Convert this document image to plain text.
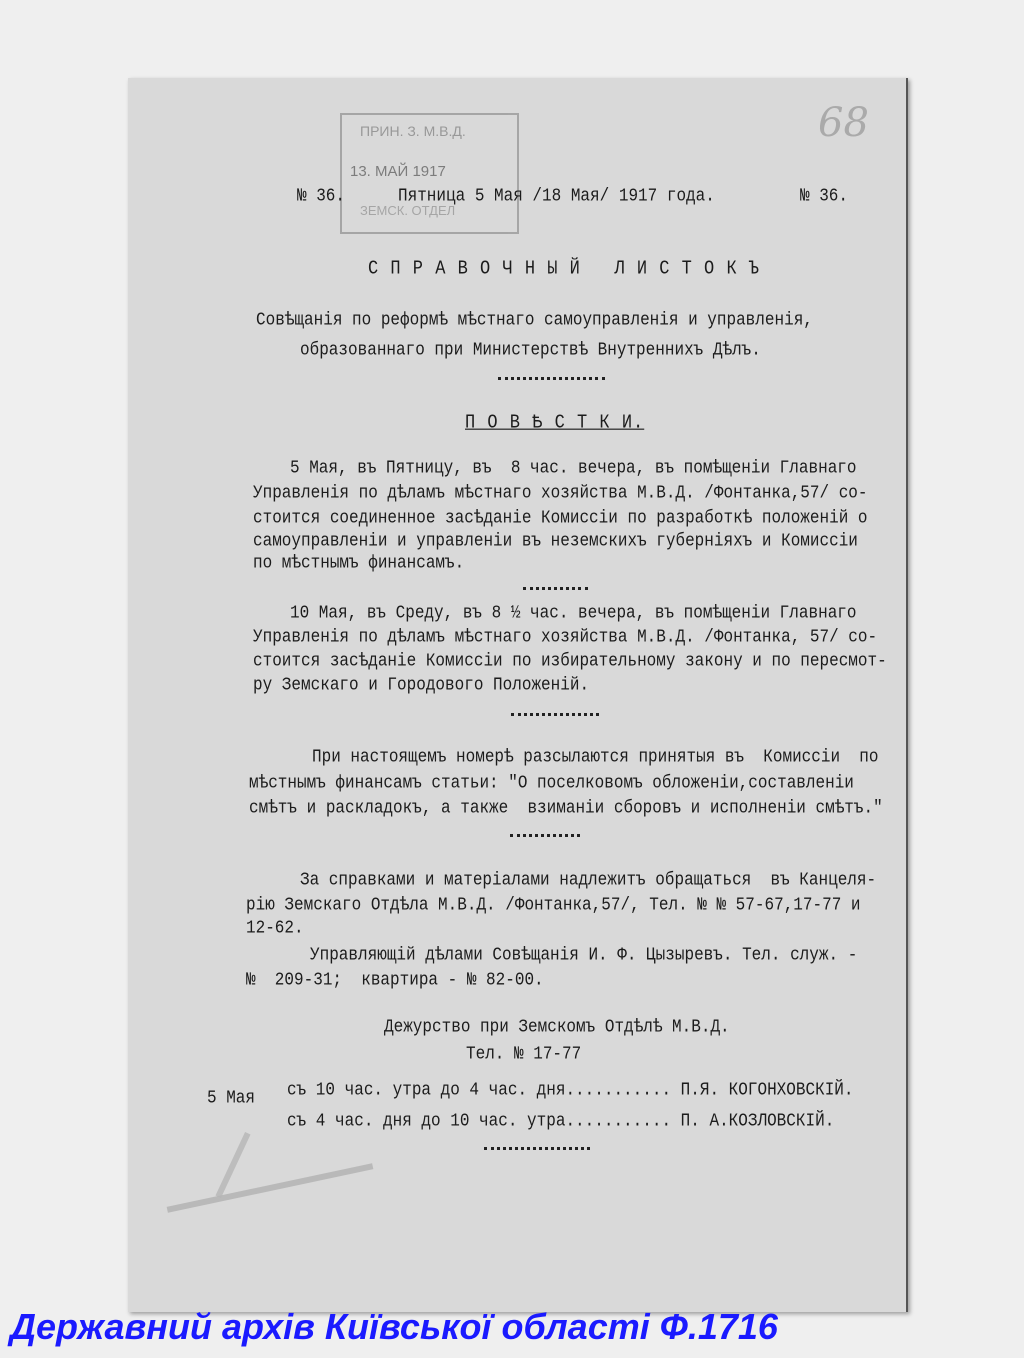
ПРИН. З. М.В.Д.
13. МАЙ 1917
ЗЕМСК. ОТДЕЛ
68
№ 36.	Пятница 5 Мая /18 Мая/ 1917 года.	№ 36.
С П Р А В О Ч Н Ы Й   Л И С Т О К Ъ
Совѣщанія по реформѣ мѣстнаго самоуправленія и управленія,
образованнаго при Министерствѣ Внутреннихъ Дѣлъ.
П О В Ѣ С Т К И.
5 Мая, въ Пятницу, въ  8 час. вечера, въ помѣщеніи Главнаго
Управленія по дѣламъ мѣстнаго хозяйства М.В.Д. /Фонтанка,57/ со-
стоится соединенное засѣданіе Комиссіи по разработкѣ положеній о
самоуправленіи и управленіи въ неземскихъ губерніяхъ и Комиссіи
по мѣстнымъ финансамъ.
10 Мая, въ Среду, въ 8 ½ час. вечера, въ помѣщеніи Главнаго
Управленія по дѣламъ мѣстнаго хозяйства М.В.Д. /Фонтанка, 57/ со-
стоится засѣданіе Комиссіи по избирательному закону и по пересмот-
ру Земскаго и Городового Положеній.
При настоящемъ номерѣ разсылаются принятыя въ  Комиссіи  по
мѣстнымъ финансамъ статьи: "О поселковомъ обложеніи,составленіи
смѣтъ и раскладокъ, а также  взиманіи сборовъ и исполненіи смѣтъ."
За справками и матеріалами надлежитъ обращаться  въ Канцеля-
рію Земскаго Отдѣла М.В.Д. /Фонтанка,57/, Тел. № № 57-67,17-77 и
12-62.
Управляющій дѣлами Совѣщанія И. Ф. Цызыревъ. Тел. служ. -
№  209-31;  квартира - № 82-00.
Дежурство при Земскомъ Отдѣлѣ М.В.Д.
Тел. № 17-77
5 Мая съ 10 час. утра до 4 час. дня........... П.Я. КОГОНХОВСКІЙ.
съ 4 час. дня до 10 час. утра........... П. А.КОЗЛОВСКІЙ.
Державний архів Київської області Ф.1716
